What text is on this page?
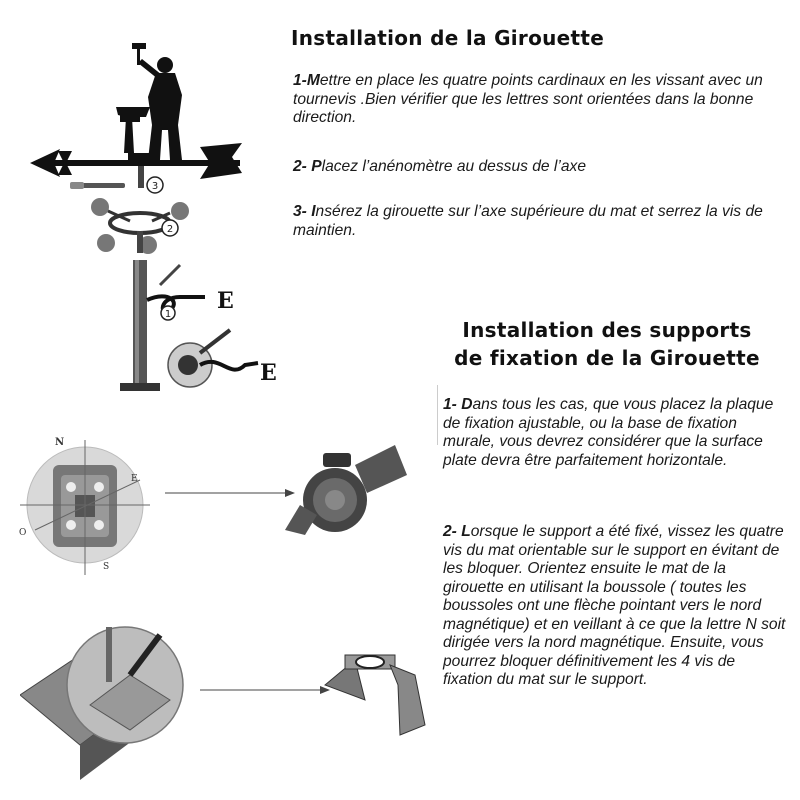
Installation de la Girouette
1-Mettre en place les quatre points cardinaux en les vissant avec un tournevis .Bien vérifier que les lettres sont orientées dans la bonne direction.
2- Placez l’anénomètre au dessus de l’axe
3- Insérez la girouette sur l’axe supérieure du mat et serrez la vis de maintien.
Installation des supports
de fixation de la Girouette
1- Dans tous les cas, que vous placez la plaque de fixation ajustable, ou la base de fixation murale, vous devrez considérer que la surface plate devra être parfaitement horizontale.
2- Lorsque le support a été fixé, vissez les quatre vis du mat orientable sur le support en évitant de les bloquer. Orientez ensuite le mat de la girouette en utilisant la boussole ( toutes les boussoles ont une flèche pointant vers le nord magnétique) et en veillant à ce que la lettre N soit dirigée vers la nord magnétique. Ensuite, vous pourrez bloquer définitivement les 4 vis de fixation du mat sur le support.
3
2
E
1
E
N
E
O
S
